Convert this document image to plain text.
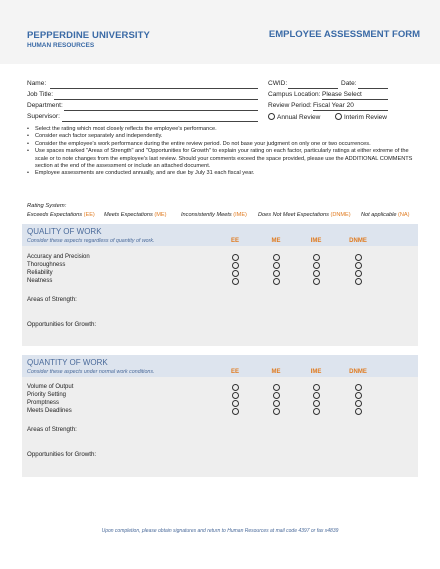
PEPPERDINE UNIVERSITY
HUMAN RESOURCES
EMPLOYEE ASSESSMENT FORM
Name:
Job Title:
Department:
Supervisor:
CWID:	Date:
Campus Location: Please Select
Review Period: Fiscal Year 20
Annual Review	Interim Review
• Select the rating which most closely reflects the employee's performance.
• Consider each factor separately and independently.
• Consider the employee's work performance during the entire review period. Do not base your judgment on only one or two occurrences.
• Use spaces marked "Areas of Strength" and "Opportunities for Growth" to explain your rating on each factor, particularly ratings at either extreme of the scale or to note changes from the employee's last review. Should your comments exceed the space provided, please use the ADDITIONAL COMMENTS section at the end of the assessment or include an attached document.
• Employee assessments are conducted annually, and are due by July 31 each fiscal year.
Rating System:
Exceeds Expectations (EE) Meets Expectations (ME)	Inconsistently Meets (IME) Does Not Meet Expectations (DNME) Not applicable (NA)
QUALITY OF WORK
Consider these aspects regardless of quantity of work.	EE	ME	IME	DNME
Accuracy and Precision
Thoroughness
Reliability
Neatness
Areas of Strength:
Opportunities for Growth:
QUANTITY OF WORK
Consider these aspects under normal work conditions.	EE	ME	IME	DNME
Volume of Output
Priority Setting
Promptness
Meets Deadlines
Areas of Strength:
Opportunities for Growth:
Upon completion, please obtain signatures and return to Human Resources at mail code 4397 or fax x4839
